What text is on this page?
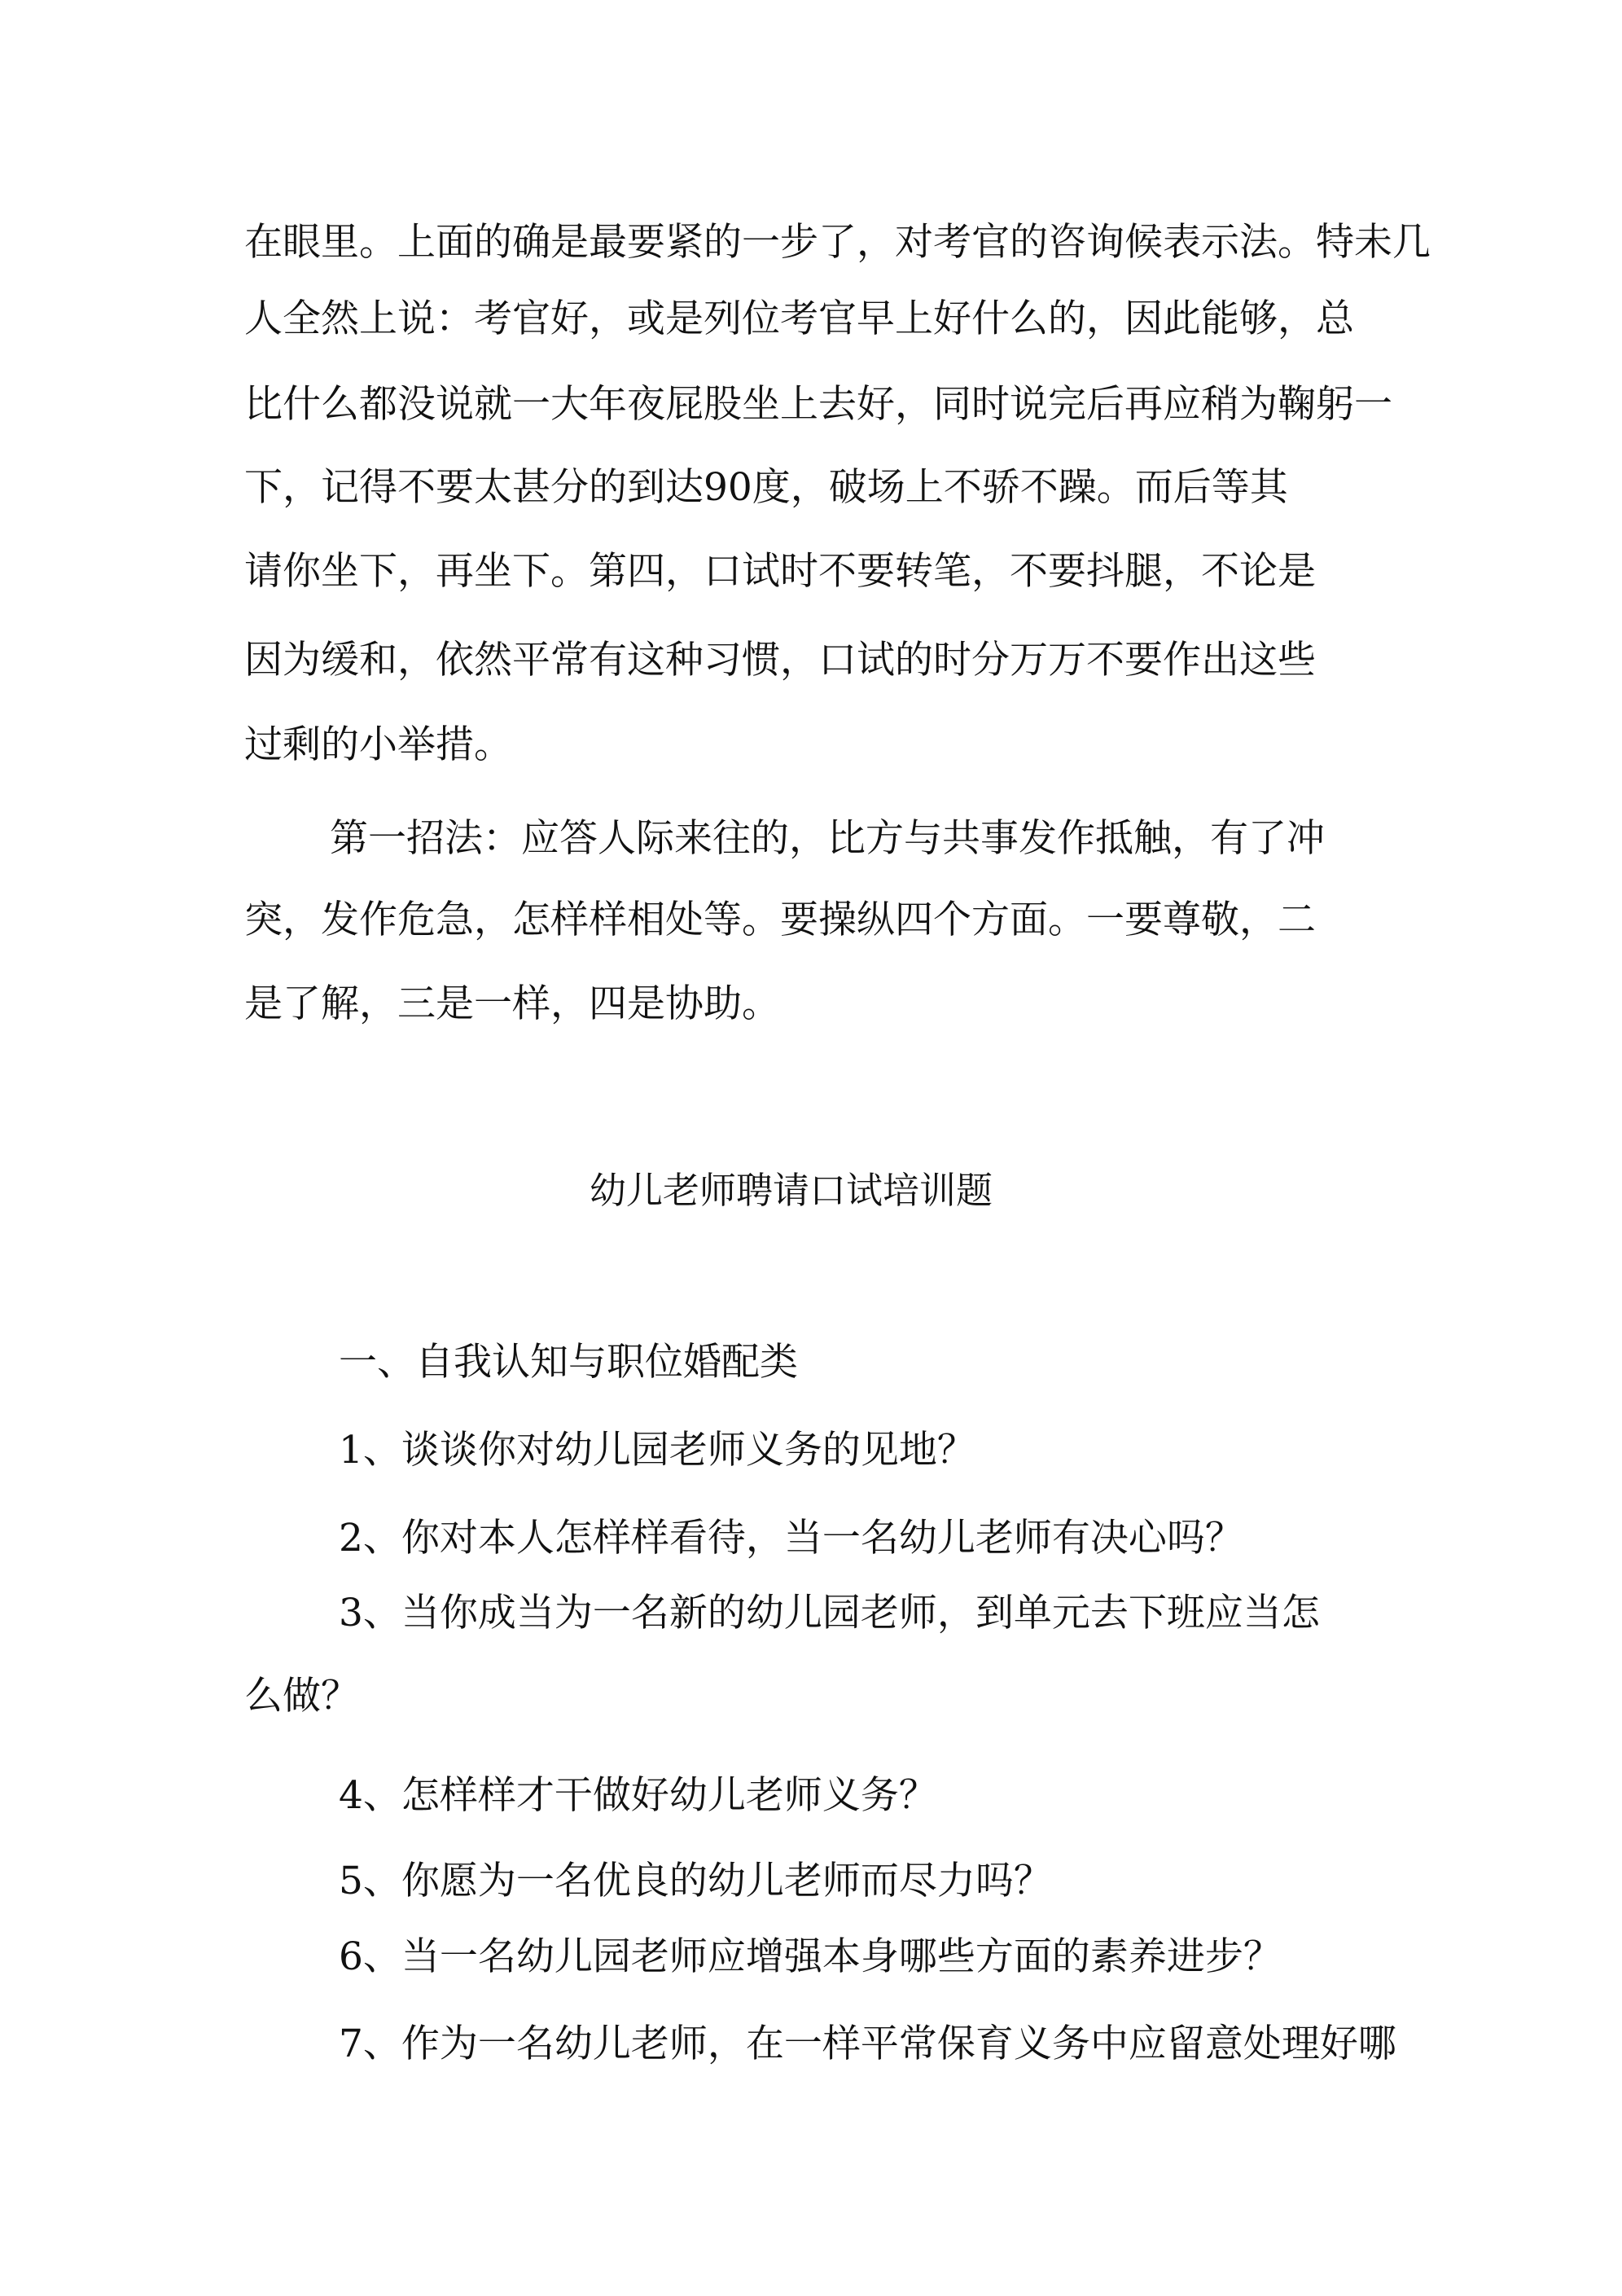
在眼里。上面的确是最要紧的一步了，对考官的咨询候表示法。特未几
人全然上说：考官好，或是列位考官早上好什么的，因此能够，总
比什么都没说就一大年夜屁股坐上去好，同时说完后再应稍为鞠躬一
下，记得不要太甚分的到达90度，破场上不骄不躁。而后等其
请你坐下，再坐下。第四，口试时不要转笔，不要抖腿，不论是
因为缓和，依然平常有这种习惯，口试的时分万万不要作出这些
过剩的小举措。
第一招法：应答人际来往的，比方与共事发作抵触，有了冲
突，发作危急，怎样样相处等。要操纵四个方面。一要尊敬，二
是了解，三是一样，四是协助。
幼儿老师聘请口试培训题
一、自我认知与职位婚配类
1、谈谈你对幼儿园老师义务的见地？
2、你对本人怎样样看待，当一名幼儿老师有决心吗？
3、当你成当为一名新的幼儿园老师，到单元去下班应当怎
么做？
4、怎样样才干做好幼儿老师义务？
5、你愿为一名优良的幼儿老师而尽力吗？
6、当一名幼儿园老师应增强本身哪些方面的素养进步？
7、作为一名幼儿老师，在一样平常保育义务中应留意处理好哪
